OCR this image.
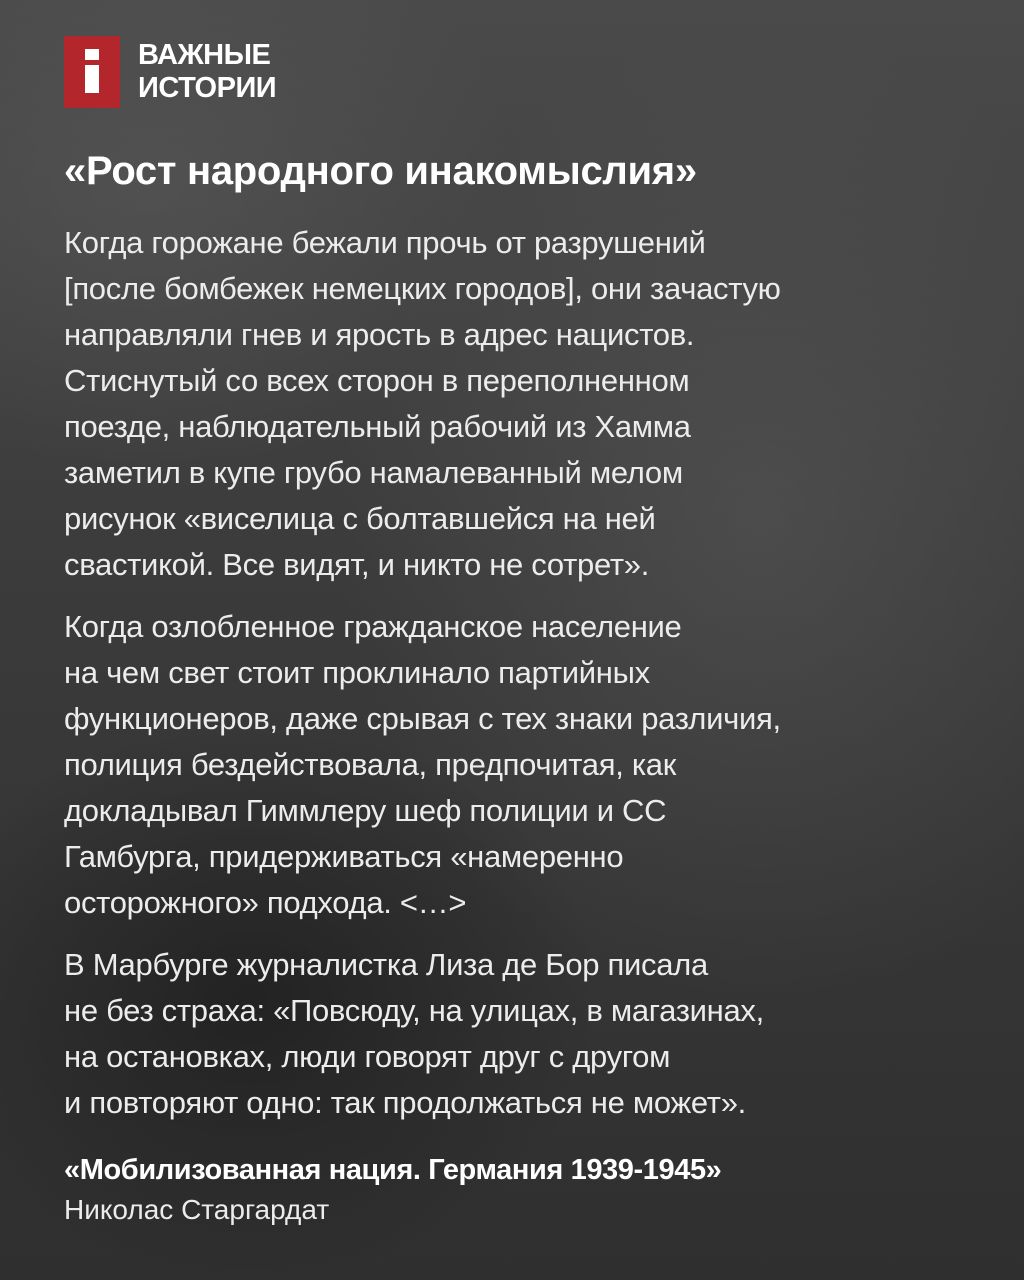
ВАЖНЫЕ
ИСТОРИИ
«Рост народного инакомыслия»

Когда горожане бежали прочь от разрушений
[после бомбежек немецких городов], они зачастую
направляли гнев и ярость в адрес нацистов.
Стиснутый со всех сторон в переполненном
поезде, наблюдательный рабочий из Хамма
заметил в купе грубо намалеванный мелом
рисунок «виселица с болтавшейся на ней
свастикой. Все видят, и никто не сотрет».

Когда озлобленное гражданское население
на чем свет стоит проклинало партийных
функционеров, даже срывая с тех знаки различия,
полиция бездействовала, предпочитая, как
докладывал Гиммлеру шеф полиции и СС
Гамбурга, придерживаться «намеренно
осторожного» подхода. <…>

В Марбурге журналистка Лиза де Бор писала
не без страха: «Повсюду, на улицах, в магазинах,
на остановках, люди говорят друг с другом
и повторяют одно: так продолжаться не может».

«Мобилизованная нация. Германия 1939-1945»
Николас Старгардат
